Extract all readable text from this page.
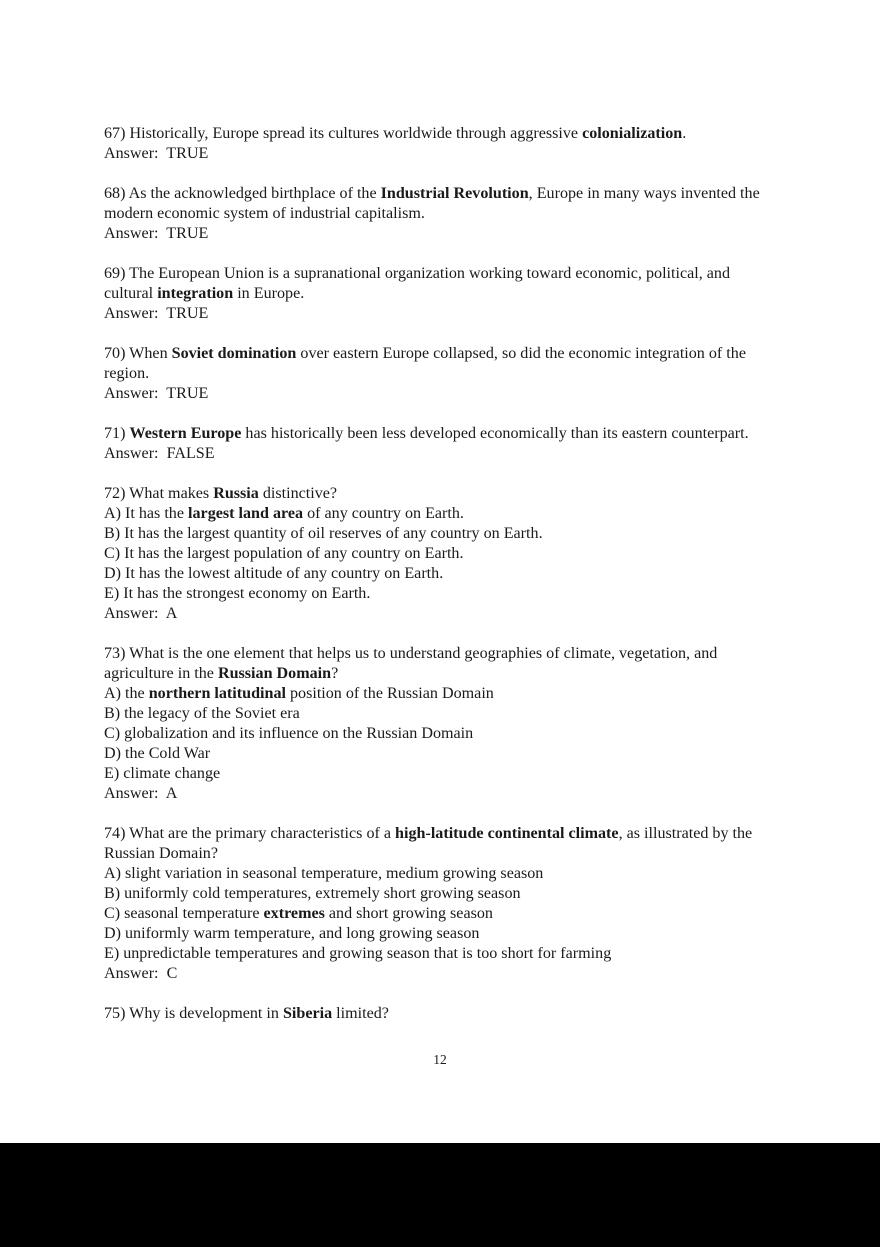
67) Historically, Europe spread its cultures worldwide through aggressive colonialization.
Answer:  TRUE
68) As the acknowledged birthplace of the Industrial Revolution, Europe in many ways invented the modern economic system of industrial capitalism.
Answer:  TRUE
69) The European Union is a supranational organization working toward economic, political, and cultural integration in Europe.
Answer:  TRUE
70) When Soviet domination over eastern Europe collapsed, so did the economic integration of the region.
Answer:  TRUE
71) Western Europe has historically been less developed economically than its eastern counterpart.
Answer:  FALSE
72) What makes Russia distinctive?
A) It has the largest land area of any country on Earth.
B) It has the largest quantity of oil reserves of any country on Earth.
C) It has the largest population of any country on Earth.
D) It has the lowest altitude of any country on Earth.
E) It has the strongest economy on Earth.
Answer:  A
73) What is the one element that helps us to understand geographies of climate, vegetation, and agriculture in the Russian Domain?
A) the northern latitudinal position of the Russian Domain
B) the legacy of the Soviet era
C) globalization and its influence on the Russian Domain
D) the Cold War
E) climate change
Answer:  A
74) What are the primary characteristics of a high-latitude continental climate, as illustrated by the Russian Domain?
A) slight variation in seasonal temperature, medium growing season
B) uniformly cold temperatures, extremely short growing season
C) seasonal temperature extremes and short growing season
D) uniformly warm temperature, and long growing season
E) unpredictable temperatures and growing season that is too short for farming
Answer:  C
75) Why is development in Siberia limited?
12
